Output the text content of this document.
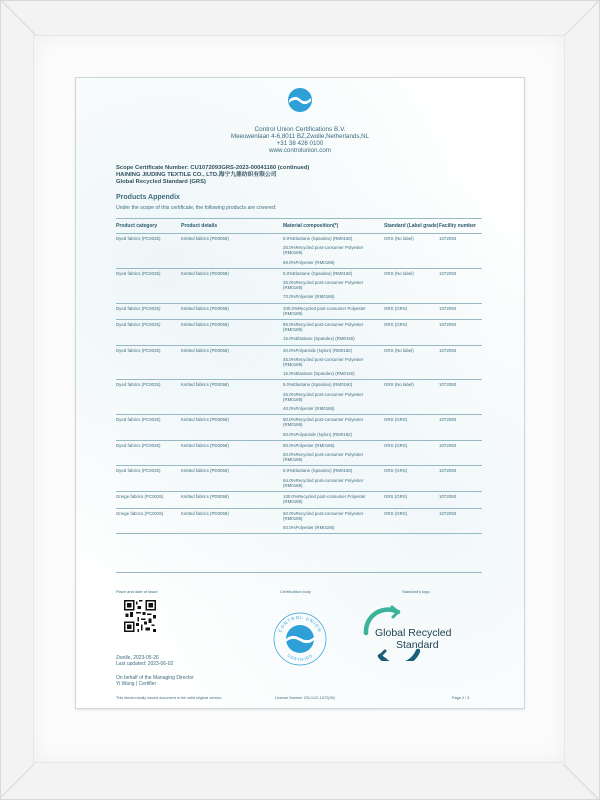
Control Union Certifications B.V.
Meeuwenlaan 4-6,8011 BZ,Zwolle,Netherlands,NL
+31 38 426 0100
www.controlunion.com
Scope Certificate Number: CU1072093GRS-2023-00041160 (continued)
HAINING JIUDING TEXTILE CO., LTD.海宁九鼎纺织有限公司
Global Recycled Standard (GRS)
Products Appendix
Under the scope of this certificate, the following products are covered:
Product category	Product details	Material composition(*)	Standard (Label grade)	Facility number
Dyed fabrics (PC0025)	Knitted fabrics (PD0058)	6.0%Elastane (Spandex) (RM0160)
25.0%Recycled post-consumer Polyester (RM0189)
69.0%Polyester (RM0186)	GRS (No label)	1072093
Dyed fabrics (PC0025)	Knitted fabrics (PD0058)	5.0%Elastane (Spandex) (RM0160)
25.0%Recycled post-consumer Polyester (RM0189)
70.0%Polyester (RM0186)	GRS (No label)	1072093
Dyed fabrics (PC0025)	Knitted fabrics (PD0058)	100.0%Recycled post-consumer Polyester (RM0189)	GRS (GRS)	1072093
Dyed fabrics (PC0025)	Knitted fabrics (PD0058)	85.0%Recycled post-consumer Polyester (RM0189)
15.0%Elastane (Spandex) (RM0160)	GRS (GRS)	1072093
Dyed fabrics (PC0025)	Knitted fabrics (PD0058)	40.0%Polyamide (Nylon) (RM0182)
45.0%Recycled post-consumer Polyester (RM0189)
15.0%Elastane (Spandex) (RM0160)	GRS (No label)	1072093
Dyed fabrics (PC0025)	Knitted fabrics (PD0058)	5.0%Elastane (Spandex) (RM0160)
45.0%Recycled post-consumer Polyester (RM0189)
40.0%Polyester (RM0186)	GRS (No label)	1072093
Dyed fabrics (PC0025)	Knitted fabrics (PD0058)	50.0%Recycled post-consumer Polyester (RM0189)
50.0%Polyamide (Nylon) (RM0182)	GRS (GRS)	1072093
Dyed fabrics (PC0025)	Knitted fabrics (PD0058)	50.0%Polyester (RM0186)
50.0%Recycled post-consumer Polyester (RM0189)	GRS (GRS)	1072093
Dyed fabrics (PC0025)	Knitted fabrics (PD0058)	6.0%Elastane (Spandex) (RM0160)
94.0%Recycled post-consumer Polyester (RM0189)	GRS (GRS)	1072093
Greige fabrics (PC0026)	Knitted fabrics (PD0058)	100.0%Recycled post-consumer Polyester (RM0189)	GRS (GRS)	1072093
Greige fabrics (PC0026)	Knitted fabrics (PD0058)	50.0%Recycled post-consumer Polyester (RM0189)
50.0%Polyester (RM0186)	GRS (GRS)	1072093
Place and date of issue	Certification body	Standard's logo
CONTROL UNION
CERTIFIED
Global Recycled
Standard
Zwolle, 2023-05-26
Last updated: 2023-06-02
On behalf of the Managing Director
Yi Wang | Certifier
This electronically issued document is the valid original version	License Number CB-CUC-1072(05)	Page 2 / 3
